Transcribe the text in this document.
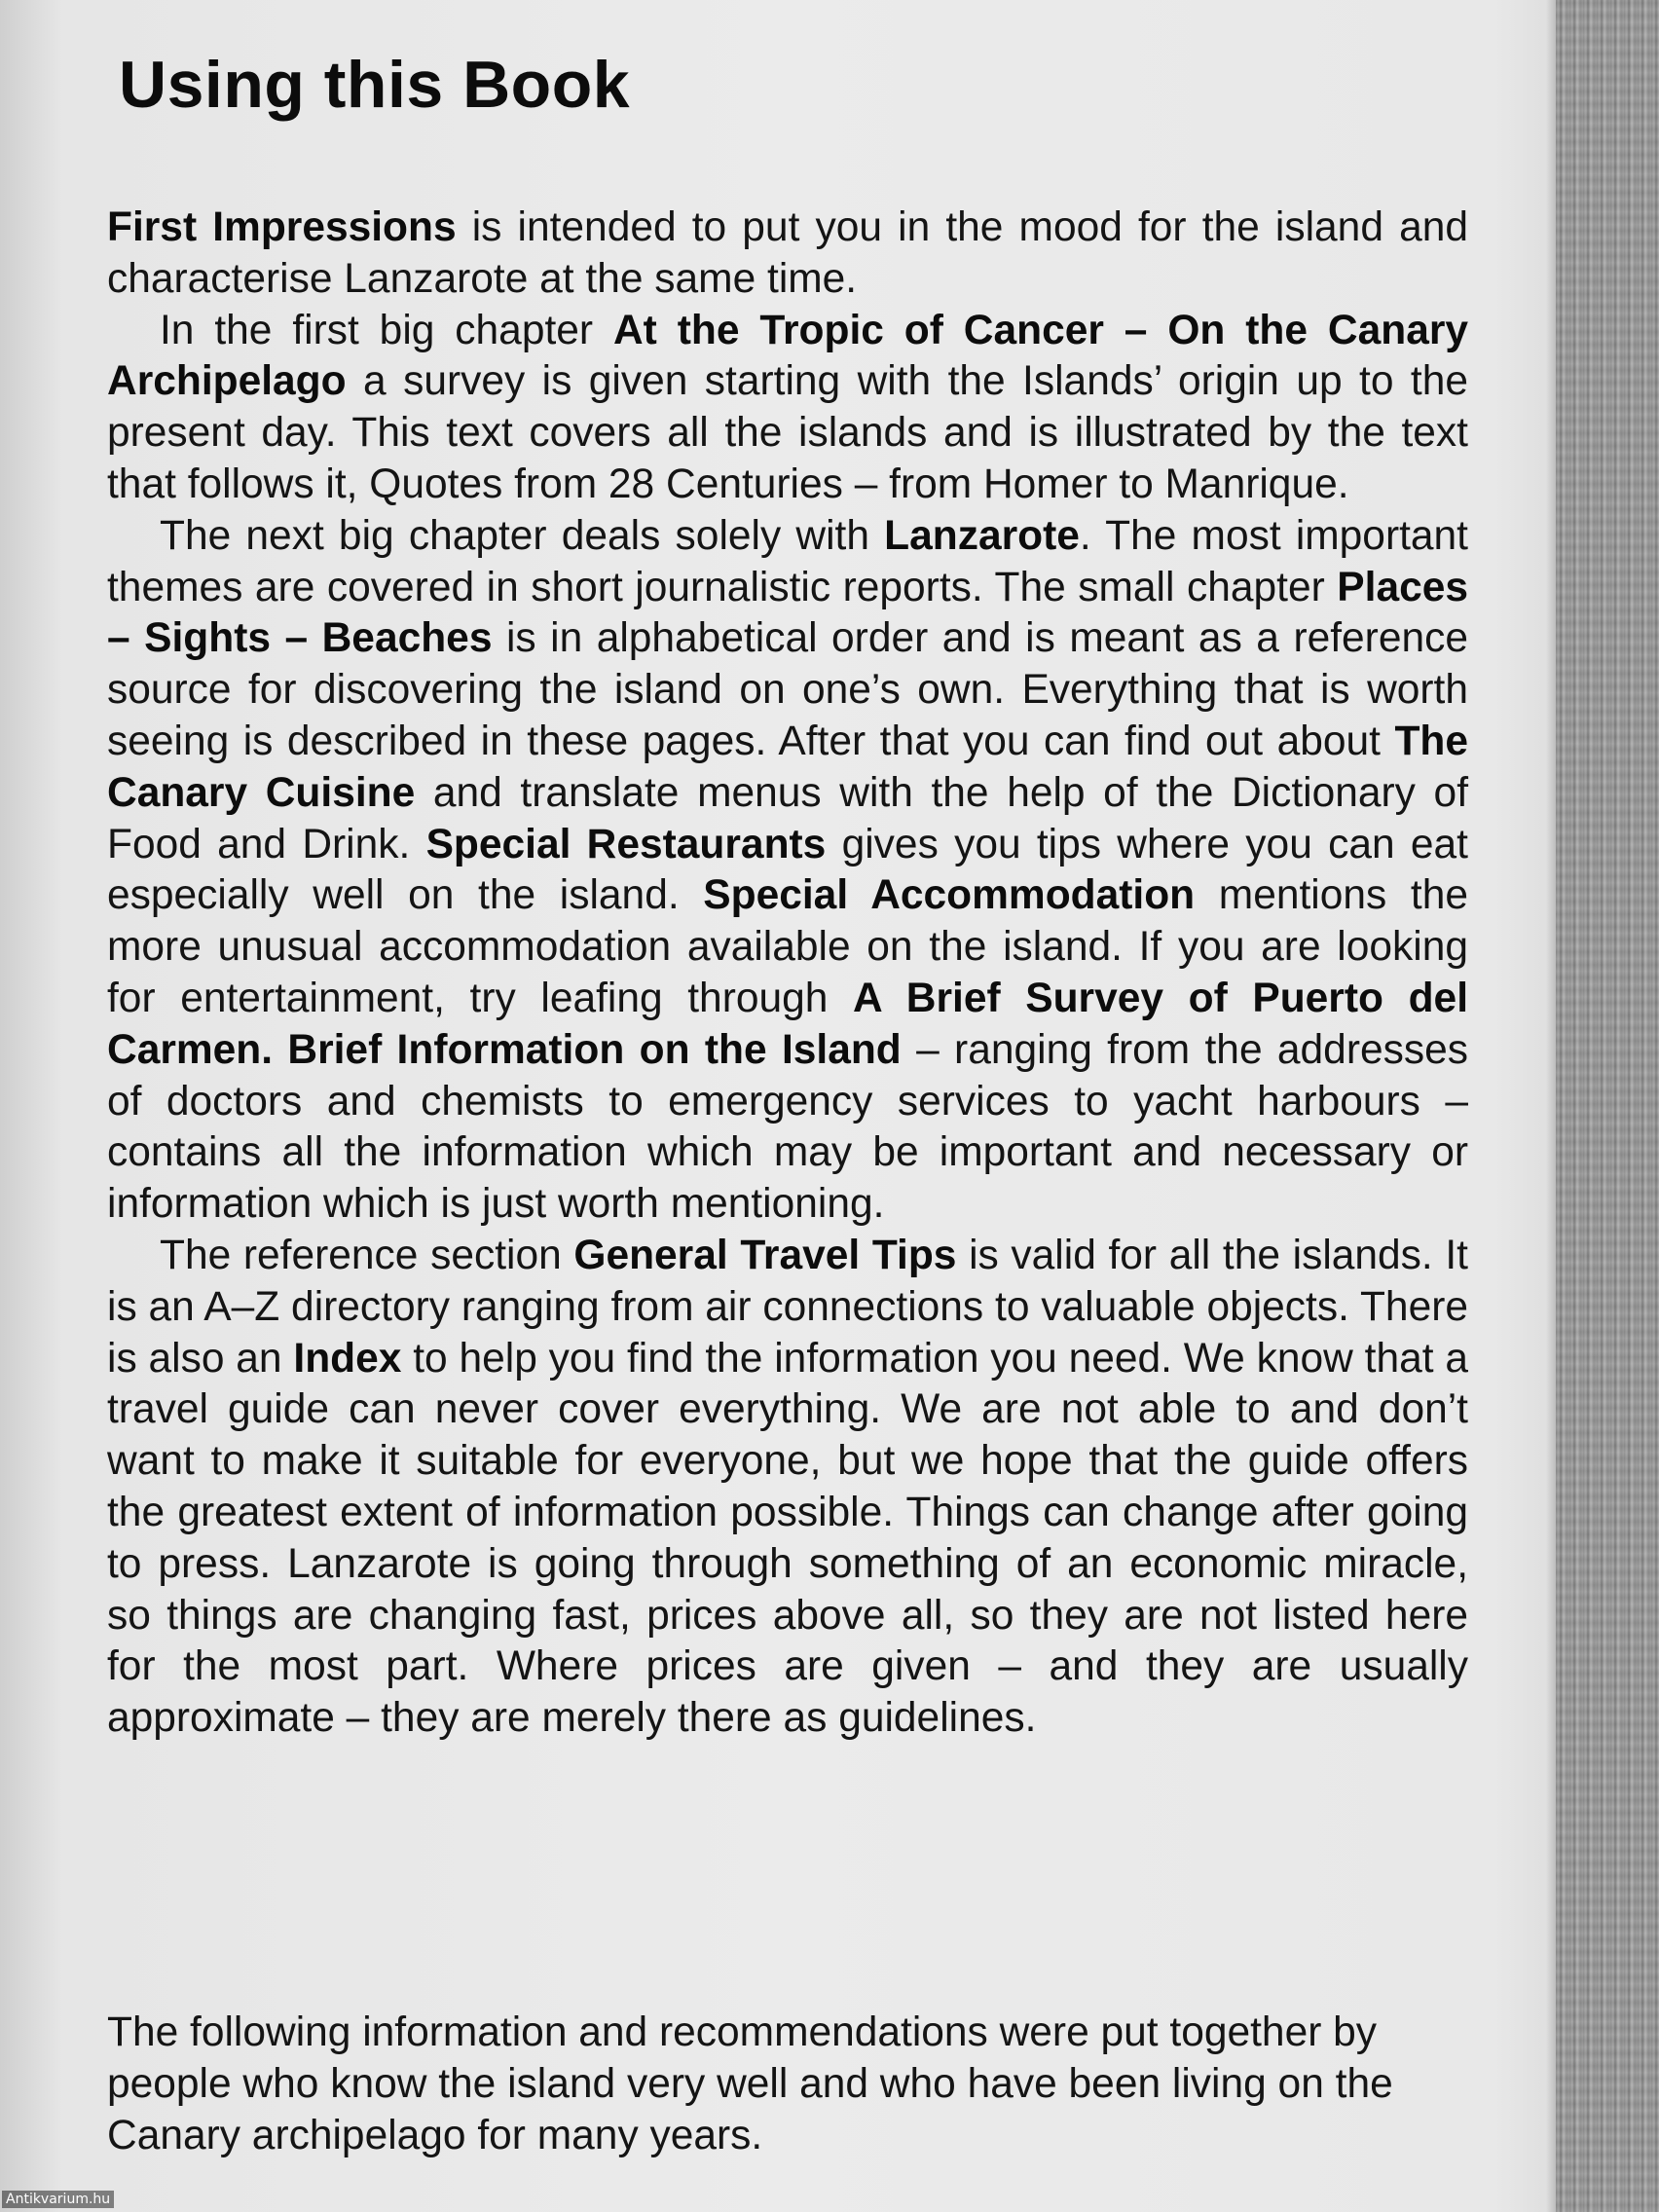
Using this Book

First Impressions is intended to put you in the mood for the island and characterise Lanzarote at the same time.

In the first big chapter At the Tropic of Cancer – On the Canary Archipelago a survey is given starting with the Islands’ origin up to the present day. This text covers all the islands and is illustrated by the text that follows it, Quotes from 28 Centuries – from Homer to Manrique.

The next big chapter deals solely with Lanzarote. The most important themes are covered in short journalistic reports. The small chapter Places – Sights – Beaches is in alphabetical order and is meant as a reference source for discovering the island on one’s own. Everything that is worth seeing is described in these pages. After that you can find out about The Canary Cuisine and translate menus with the help of the Dictionary of Food and Drink. Special Restaurants gives you tips where you can eat especially well on the island. Special Accommodation mentions the more unusual accommodation available on the island. If you are looking for entertainment, try leafing through A Brief Survey of Puerto del Carmen. Brief Information on the Island – ranging from the addresses of doctors and chemists to emergency services to yacht harbours – contains all the information which may be important and necessary or information which is just worth mentioning.

The reference section General Travel Tips is valid for all the islands. It is an A–Z directory ranging from air connections to valuable objects. There is also an Index to help you find the information you need. We know that a travel guide can never cover everything. We are not able to and don’t want to make it suitable for everyone, but we hope that the guide offers the greatest extent of information possible. Things can change after going to press. Lanzarote is going through something of an economic miracle, so things are changing fast, prices above all, so they are not listed here for the most part. Where prices are given – and they are usually approximate – they are merely there as guidelines.

The following information and recommendations were put together by people who know the island very well and who have been living on the Canary archipelago for many years.

Antikvarium.hu
